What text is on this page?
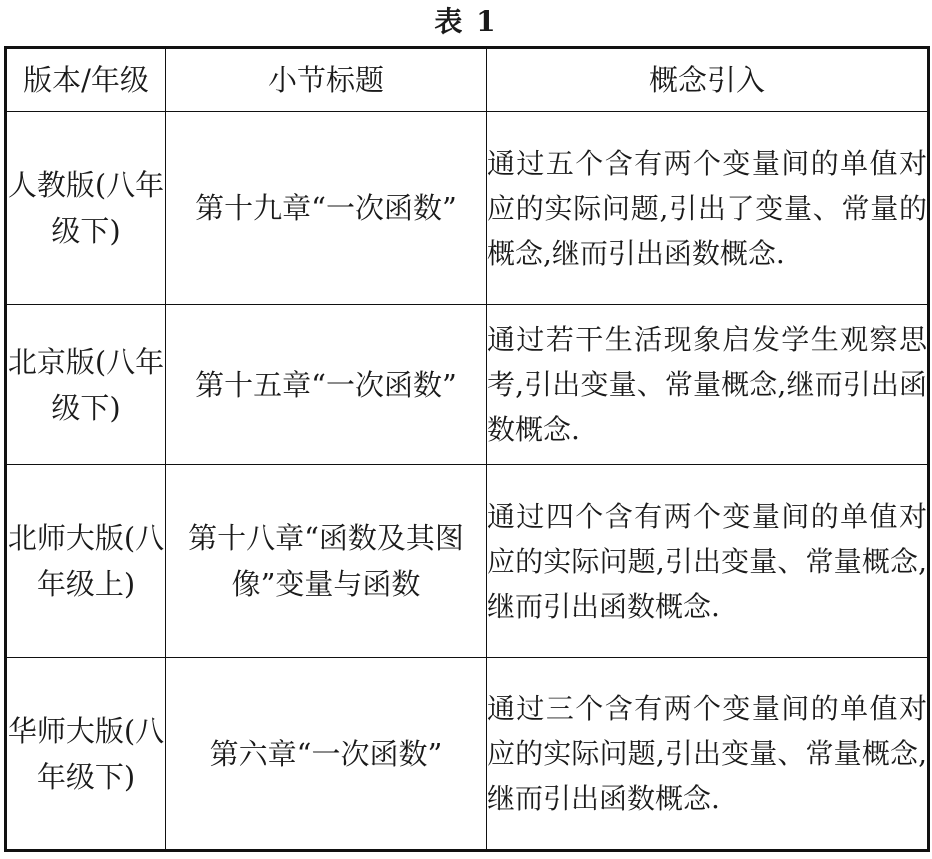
表 1
版本/年级	小节标题	概念引入
人教版(八年级下)	第十九章“一次函数”	通过五个含有两个变量间的单值对应的实际问题,引出了变量、常量的概念,继而引出函数概念.
北京版(八年级下)	第十五章“一次函数”	通过若干生活现象启发学生观察思考,引出变量、常量概念,继而引出函数概念.
北师大版(八年级上)	第十八章“函数及其图像”变量与函数	通过四个含有两个变量间的单值对应的实际问题,引出变量、常量概念,继而引出函数概念.
华师大版(八年级下)	第六章“一次函数”	通过三个含有两个变量间的单值对应的实际问题,引出变量、常量概念,继而引出函数概念.
